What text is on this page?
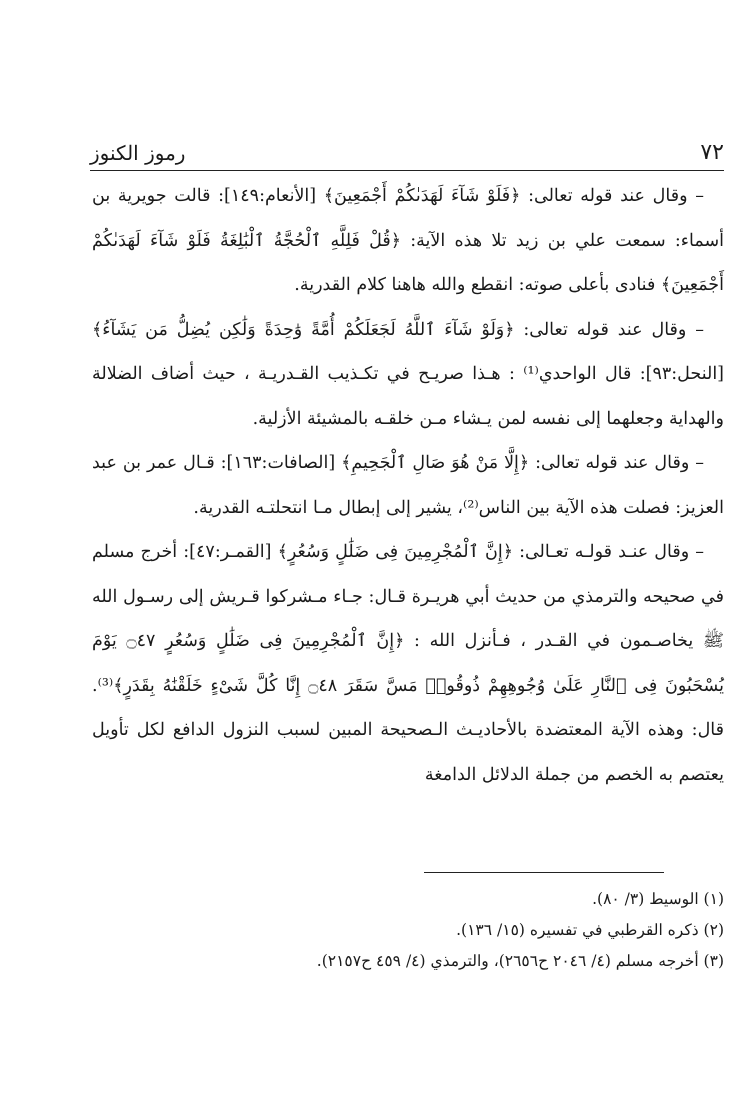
٧٢
رموز الكنوز

– وقال عند قوله تعالى: ﴿فَلَوْ شَآءَ لَهَدَىٰكُمْ أَجْمَعِينَ﴾ [الأنعام:١٤٩]: قالت جويرية بن أسماء: سمعت علي بن زيد تلا هذه الآية: ﴿قُلْ فَلِلَّهِ ٱلْحُجَّةُ ٱلْبَٰلِغَةُ فَلَوْ شَآءَ لَهَدَىٰكُمْ أَجْمَعِينَ﴾ فنادى بأعلى صوته: انقطع والله هاهنا كلام القدرية.

– وقال عند قوله تعالى: ﴿وَلَوْ شَآءَ ٱللَّهُ لَجَعَلَكُمْ أُمَّةً وَٰحِدَةً وَلَٰكِن يُضِلُّ مَن يَشَآءُ﴾ [النحل:٩٣]: قال الواحدي⁽¹⁾ : هـذا صريـح في تكـذيب القـدريـة ، حيث أضاف الضلالة والهداية وجعلهما إلى نفسه لمن يـشاء مـن خلقـه بالمشيئة الأزلية.

– وقال عند قوله تعالى: ﴿إِلَّا مَنْ هُوَ صَالِ ٱلْجَحِيمِ﴾ [الصافات:١٦٣]: قـال عمر بن عبد العزيز: فصلت هذه الآية بين الناس⁽²⁾، يشير إلى إبطال مـا انتحلتـه القدرية.

– وقال عنـد قولـه تعـالى: ﴿إِنَّ ٱلْمُجْرِمِينَ فِى ضَلَٰلٍ وَسُعُرٍ﴾ [القمـر:٤٧]: أخرج مسلم في صحيحه والترمذي من حديث أبي هريـرة قـال: جـاء مـشركوا قـريش إلى رسـول الله ﷺ يخاصـمون في القـدر ، فـأنزل الله : ﴿إِنَّ ٱلْمُجْرِمِينَ فِى ضَلَٰلٍ وَسُعُرٍ ۝٤٧ يَوْمَ يُسْحَبُونَ فِى ٱلنَّارِ عَلَىٰ وُجُوهِهِمْ ذُوقُوا۟ مَسَّ سَقَرَ ۝٤٨ إِنَّا كُلَّ شَىْءٍ خَلَقْنَٰهُ بِقَدَرٍ﴾⁽³⁾. قال: وهذه الآية المعتضدة بالأحاديـث الـصحيحة المبين لسبب النزول الدافع لكل تأويل يعتصم به الخصم من جملة الدلائل الدامغة

(١) الوسيط (٣/ ٨٠).

(٢) ذكره القرطبي في تفسيره (١٥/ ١٣٦).

(٣) أخرجه مسلم (٤/ ٢٠٤٦ ح٢٦٥٦)، والترمذي (٤/ ٤٥٩ ح٢١٥٧).
